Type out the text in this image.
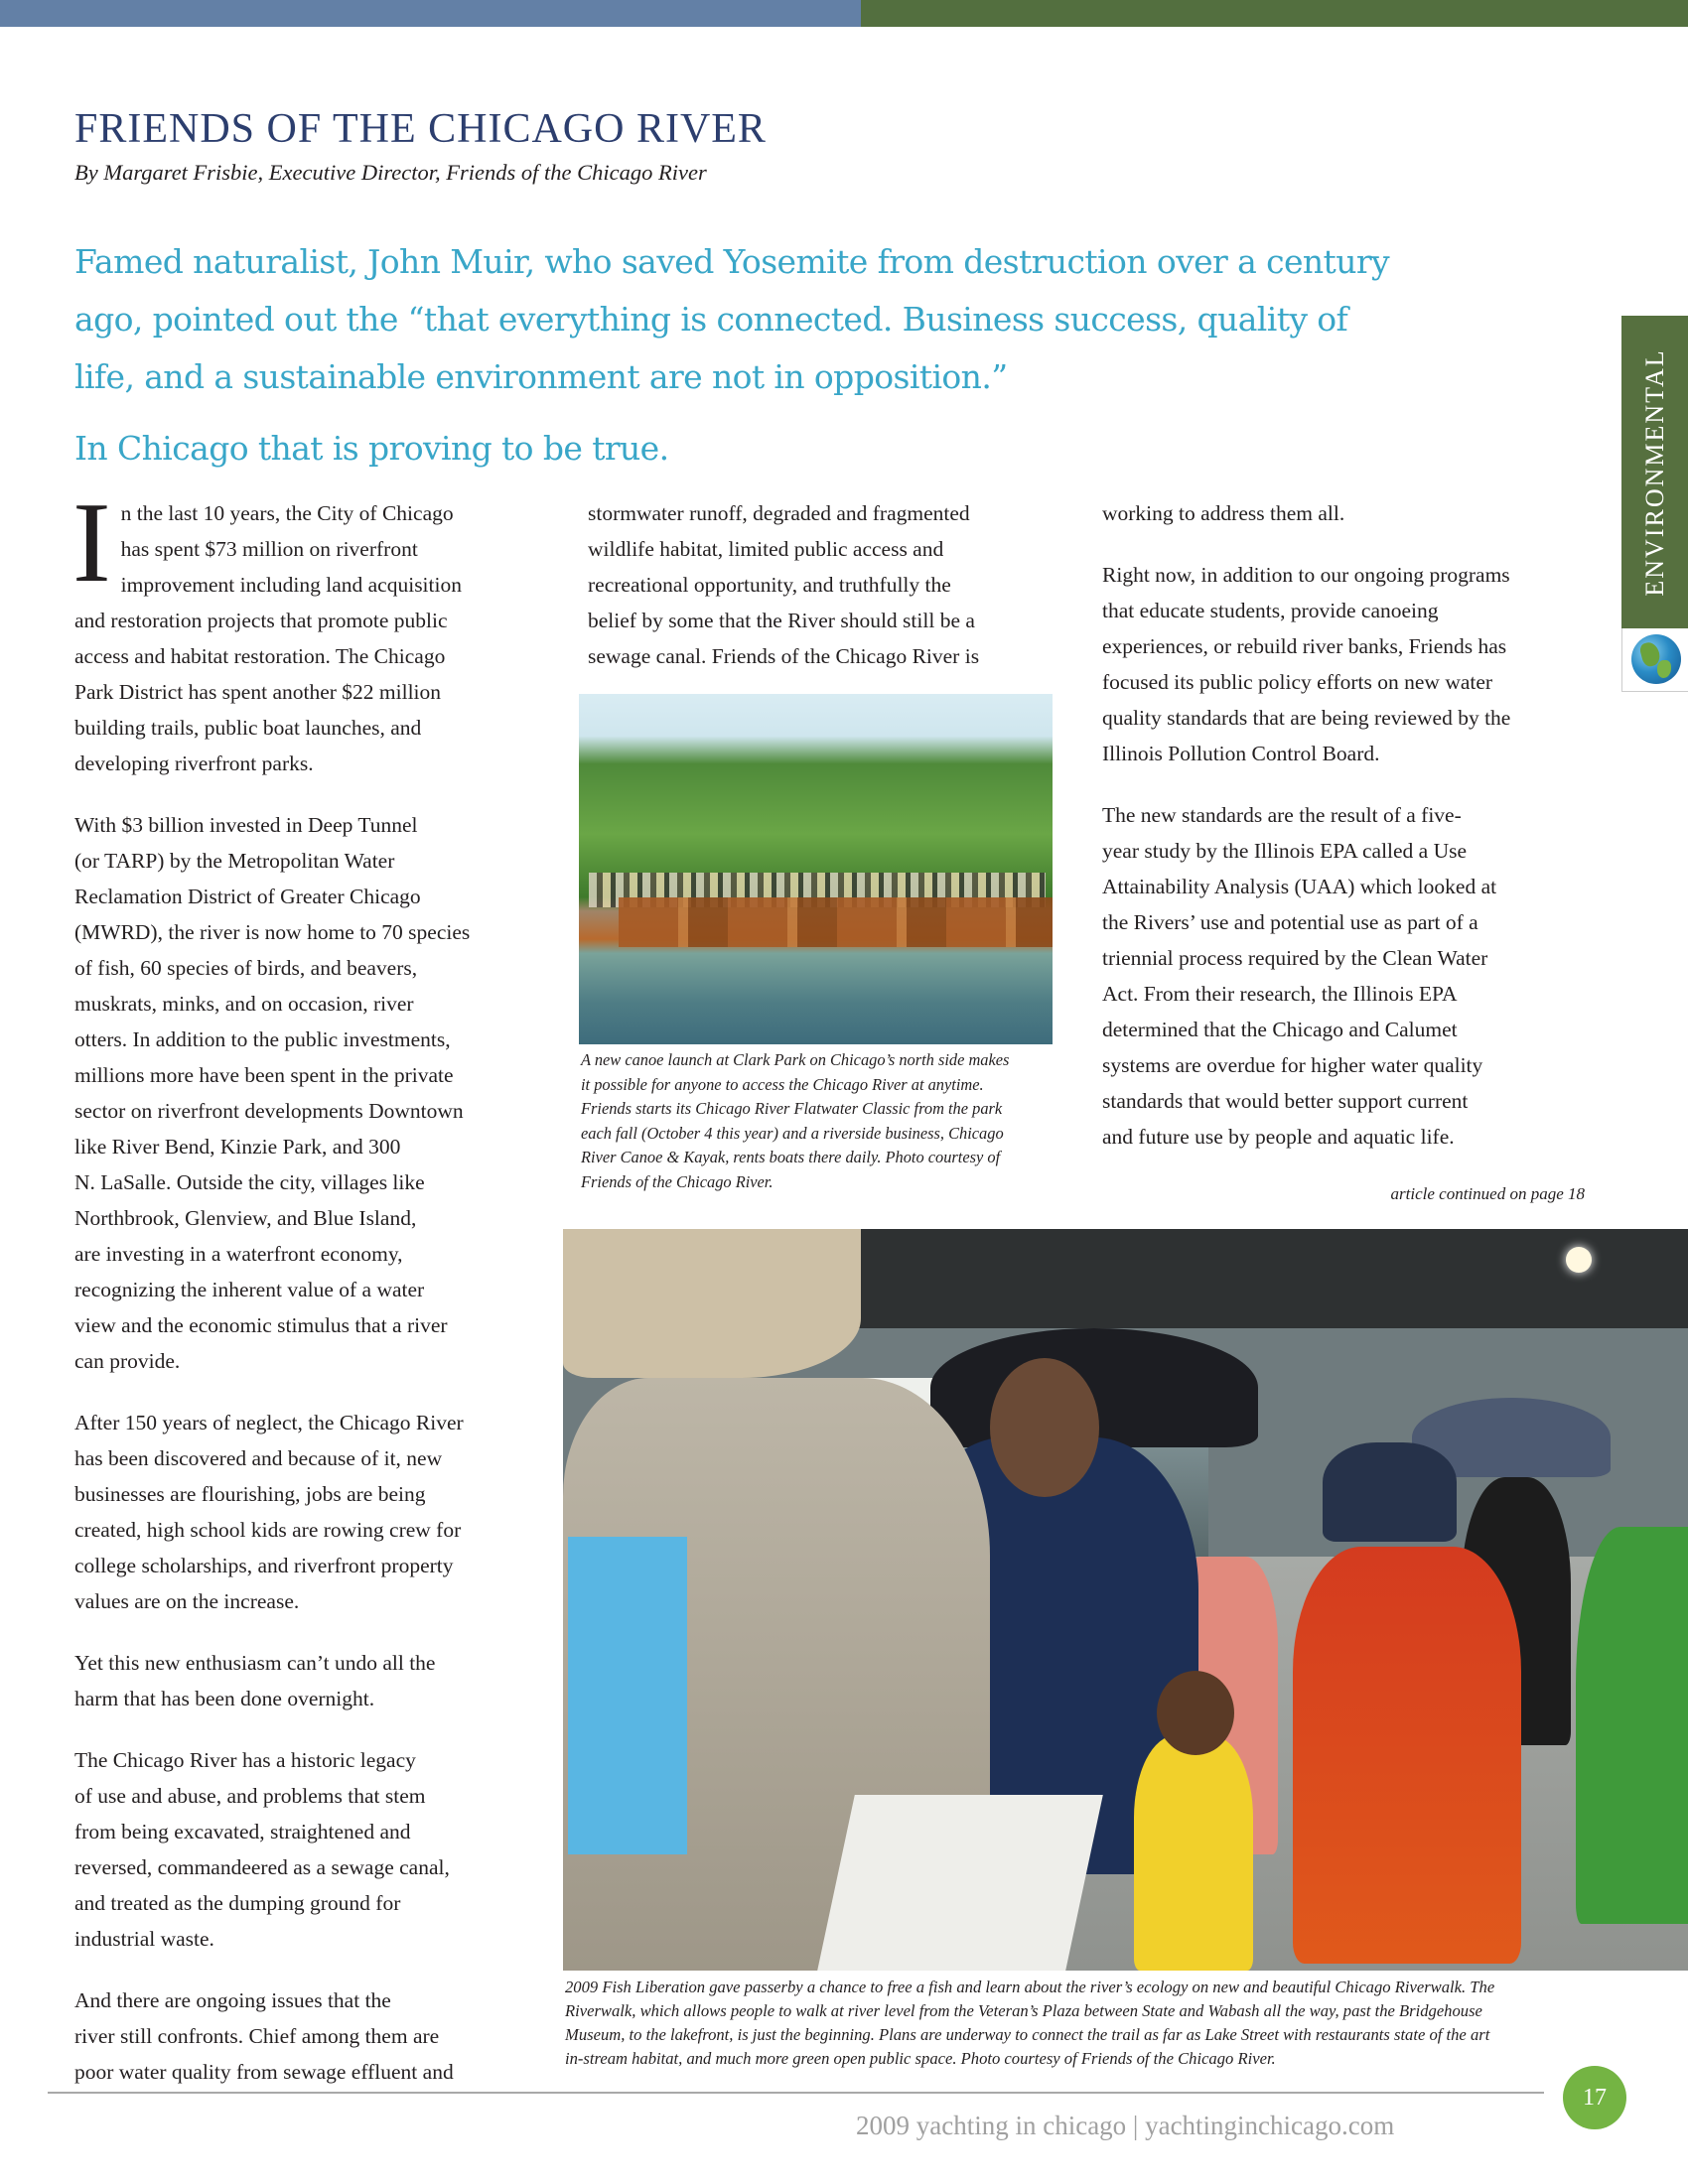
FRIENDS OF THE CHICAGO RIVER
By Margaret Frisbie, Executive Director, Friends of the Chicago River
Famed naturalist, John Muir, who saved Yosemite from destruction over a century
ago, pointed out the “that everything is connected. Business success, quality of
life, and a sustainable environment are not in opposition.”
In Chicago that is proving to be true.	ENVIRONMENTAL
I n the last 10 years, the City of Chicago

has spent $73 million on riverfront

improvement including land acquisition

and restoration projects that promote public

access and habitat restoration. The Chicago

Park District has spent another $22 million

building trails, public boat launches, and

developing riverfront parks.

With $3 billion invested in Deep Tunnel

(or TARP) by the Metropolitan Water

Reclamation District of Greater Chicago

(MWRD), the river is now home to 70 species

of fish, 60 species of birds, and beavers,

muskrats, minks, and on occasion, river

otters. In addition to the public investments,

millions more have been spent in the private

sector on riverfront developments Downtown

like River Bend, Kinzie Park, and 300

N. LaSalle. Outside the city, villages like

Northbrook, Glenview, and Blue Island,

are investing in a waterfront economy,

recognizing the inherent value of a water

view and the economic stimulus that a river

can provide.

After 150 years of neglect, the Chicago River

has been discovered and because of it, new

businesses are flourishing, jobs are being

created, high school kids are rowing crew for

college scholarships, and riverfront property

values are on the increase.

Yet this new enthusiasm can’t undo all the

harm that has been done overnight.

The Chicago River has a historic legacy

of use and abuse, and problems that stem

from being excavated, straightened and

reversed, commandeered as a sewage canal,

and treated as the dumping ground for

industrial waste.

And there are ongoing issues that the

river still confronts. Chief among them are

poor water quality from sewage effluent and

stormwater runoff, degraded and fragmented

wildlife habitat, limited public access and

recreational opportunity, and truthfully the

belief by some that the River should still be a

sewage canal. Friends of the Chicago River is

A new canoe launch at Clark Park on Chicago’s north side makes
it possible for anyone to access the Chicago River at anytime.
Friends starts its Chicago River Flatwater Classic from the park
each fall (October 4 this year) and a riverside business, Chicago
River Canoe & Kayak, rents boats there daily. Photo courtesy of
Friends of the Chicago River.

working to address them all.

Right now, in addition to our ongoing programs

that educate students, provide canoeing

experiences, or rebuild river banks, Friends has

focused its public policy efforts on new water

quality standards that are being reviewed by the

Illinois Pollution Control Board.

The new standards are the result of a five-

year study by the Illinois EPA called a Use

Attainability Analysis (UAA) which looked at

the Rivers’ use and potential use as part of a

triennial process required by the Clean Water

Act. From their research, the Illinois EPA

determined that the Chicago and Calumet

systems are overdue for higher water quality

standards that would better support current

and future use by people and aquatic life.

article continued on page 18
2009 Fish Liberation gave passerby a chance to free a fish and learn about the river’s ecology on new and beautiful Chicago Riverwalk. The
Riverwalk, which allows people to walk at river level from the Veteran’s Plaza between State and Wabash all the way, past the Bridgehouse
Museum, to the lakefront, is just the beginning. Plans are underway to connect the trail as far as Lake Street with restaurants state of the art
in-stream habitat, and much more green open public space. Photo courtesy of Friends of the Chicago River.
2009 yachting in chicago | yachtinginchicago.com
17
